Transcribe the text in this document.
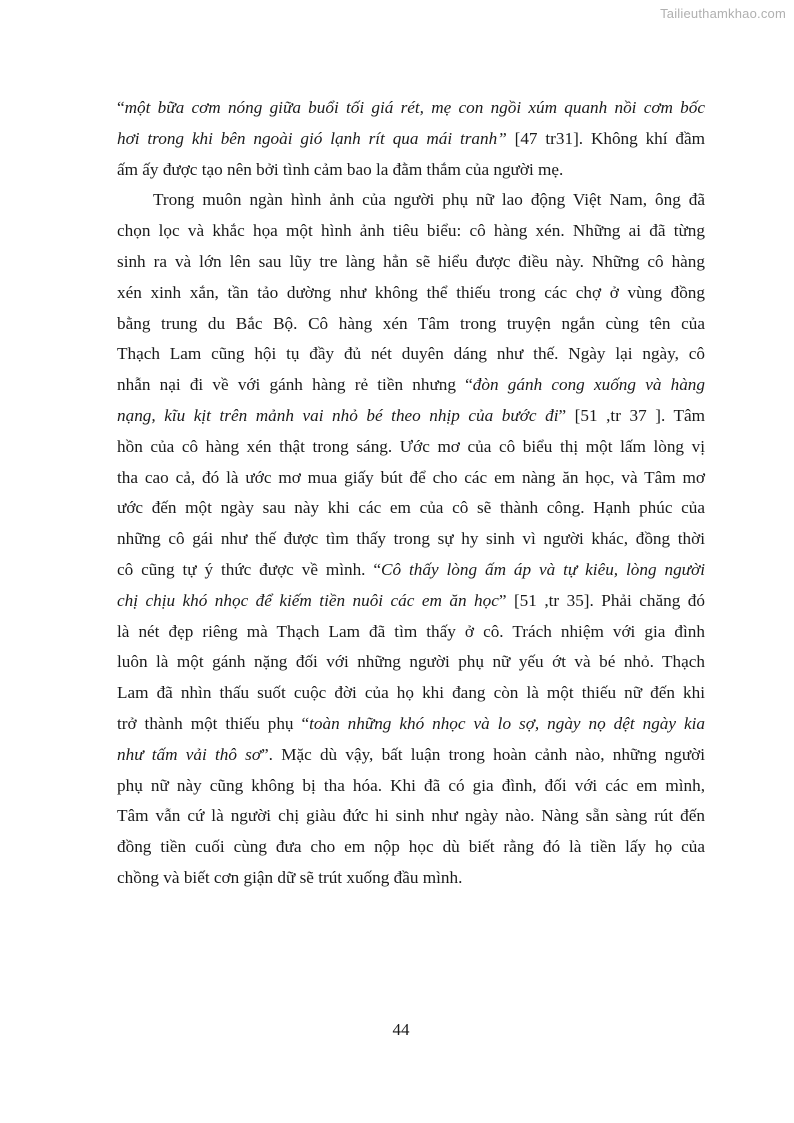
Tailieuthamkhao.com
“một bữa cơm nóng giữa buổi tối giá rét, mẹ con ngồi xúm quanh nồi cơm bốc
hơi trong khi bên ngoài gió lạnh rít qua mái tranh” [47 tr31]. Không khí đầm
ấm ấy được tạo nên bởi tình cảm bao la đằm thắm của người mẹ.
Trong muôn ngàn hình ảnh của người phụ nữ lao động Việt Nam, ông đã
chọn lọc và khắc họa một hình ảnh tiêu biểu: cô hàng xén. Những ai đã từng
sinh ra và lớn lên sau lũy tre làng hẳn sẽ hiểu được điều này. Những cô hàng
xén xinh xắn, tần tảo dường như không thể thiếu trong các chợ ở vùng đồng
bằng trung du Bắc Bộ. Cô hàng xén Tâm trong truyện ngắn cùng tên của
Thạch Lam cũng hội tụ đầy đủ nét duyên dáng như thế. Ngày lại ngày, cô
nhẫn nại đi về với gánh hàng rẻ tiền nhưng “đòn gánh cong xuống và hàng
nạng, kĩu kịt trên mảnh vai nhỏ bé theo nhịp của bước đi” [51 ,tr 37 ]. Tâm
hồn của cô hàng xén thật trong sáng. Ước mơ của cô biểu thị một lấm lòng vị
tha cao cả, đó là ước mơ mua giấy bút để cho các em nàng ăn học, và Tâm mơ
ước đến một ngày sau này khi các em của cô sẽ thành công. Hạnh phúc của
những cô gái như thế được tìm thấy trong sự hy sinh vì người khác, đồng thời
cô cũng tự ý thức được về mình. “Cô thấy lòng ấm áp và tự kiêu, lòng người
chị chịu khó nhọc để kiếm tiền nuôi các em ăn học” [51 ,tr 35]. Phải chăng đó
là nét đẹp riêng mà Thạch Lam đã tìm thấy ở cô. Trách nhiệm với gia đình
luôn là một gánh nặng đối với những người phụ nữ yếu ớt và bé nhỏ. Thạch
Lam đã nhìn thấu suốt cuộc đời của họ khi đang còn là một thiếu nữ đến khi
trở thành một thiếu phụ “toàn những khó nhọc và lo sợ, ngày nọ dệt ngày kia
như tấm vải thô sơ”. Mặc dù vậy, bất luận trong hoàn cảnh nào, những người
phụ nữ này cũng không bị tha hóa. Khi đã có gia đình, đối với các em mình,
Tâm vẫn cứ là người chị giàu đức hi sinh như ngày nào. Nàng sẵn sàng rút đến
đồng tiền cuối cùng đưa cho em nộp học dù biết rằng đó là tiền lấy họ của
chồng và biết cơn giận dữ sẽ trút xuống đầu mình.
44
